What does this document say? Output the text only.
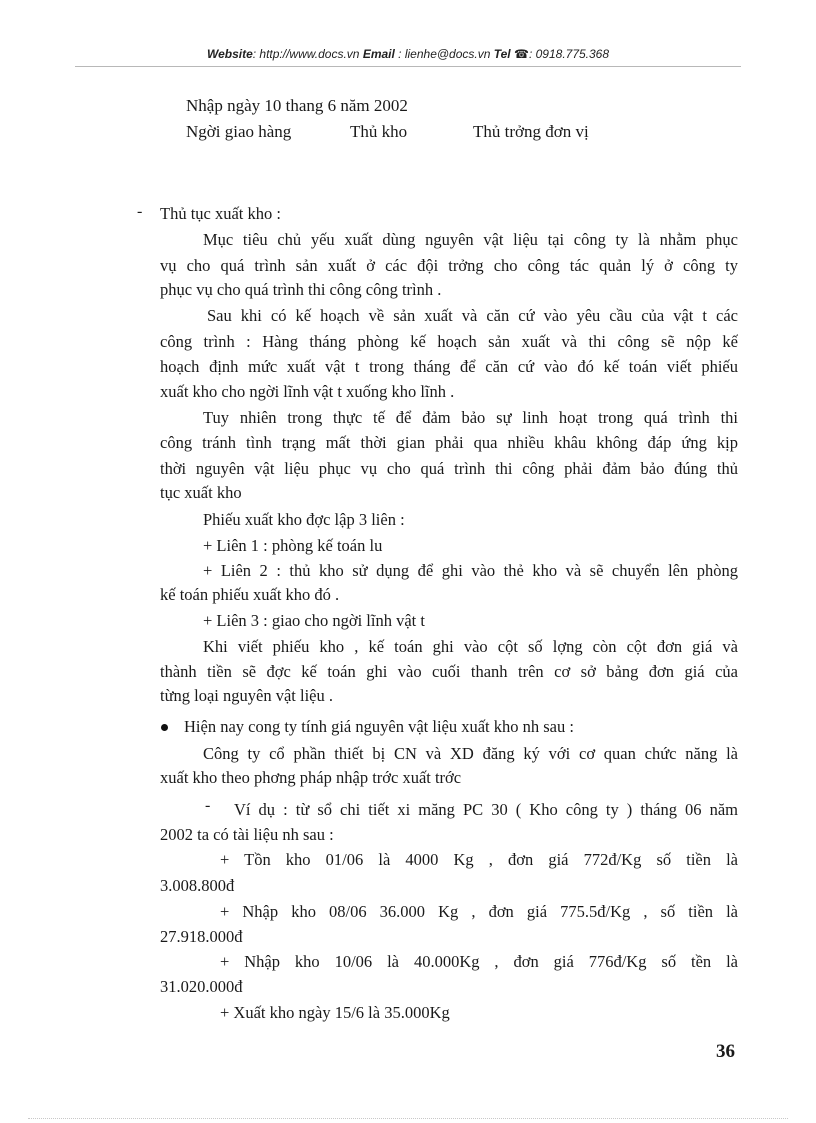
Website: http://www.docs.vn Email : lienhe@docs.vn Tel ☎: 0918.775.368
Nhập ngày 10 thang 6 năm 2002
Ngời giao hàng	Thủ kho	Thủ trởng đơn vị
- Thủ tục xuất kho :
Mục tiêu chủ yếu xuất dùng nguyên vật liệu tại công ty là nhằm phục
vụ cho quá trình sản xuất ở các đội trởng cho công tác quản lý ở công ty
phục vụ cho quá trình thi công công trình .
Sau khi có kế hoạch về sản xuất và căn cứ vào yêu cầu của vật t các
công trình : Hàng tháng phòng kế hoạch sản xuất và thi công sẽ nộp kế
hoạch định mức xuất vật t trong tháng để căn cứ vào đó kế toán viết phiếu
xuất kho cho ngời lĩnh vật t xuống kho lĩnh .
Tuy nhiên trong thực tế để đảm bảo sự linh hoạt trong quá trình thi
công tránh tình trạng mất thời gian phải qua nhiều khâu không đáp ứng kịp
thời nguyên vật liệu phục vụ cho quá trình thi công phải đảm bảo đúng thủ
tục xuất kho
Phiếu xuất kho đợc lập 3 liên :
+ Liên 1 : phòng kế toán lu
+ Liên 2 : thủ kho sử dụng để ghi vào thẻ kho và sẽ chuyển lên phòng
kế toán phiếu xuất kho đó .
+ Liên 3 : giao cho ngời lĩnh vật t
Khi viết phiếu kho , kế toán ghi vào cột số lợng còn cột đơn giá và
thành tiền sẽ đợc kế toán ghi vào cuối thanh trên cơ sở bảng đơn giá của
từng loại nguyên vật liệu .
Hiện nay cong ty tính giá nguyên vật liệu xuất kho nh sau :
Công ty cổ phần thiết bị CN và XD đăng ký với cơ quan chức năng là
xuất kho theo phơng pháp nhập trớc xuất trớc
- Ví dụ : từ sổ chi tiết xi măng PC 30 ( Kho công ty ) tháng 06 năm
2002 ta có tài liệu nh sau :
+ Tồn kho 01/06 là 4000 Kg , đơn giá 772đ/Kg số tiền là
3.008.800đ
+ Nhập kho 08/06 36.000 Kg , đơn giá 775.5đ/Kg , số tiền là
27.918.000đ
+ Nhập kho 10/06 là 40.000Kg , đơn giá 776đ/Kg số tền là
31.020.000đ
+ Xuất kho ngày 15/6 là 35.000Kg
36
